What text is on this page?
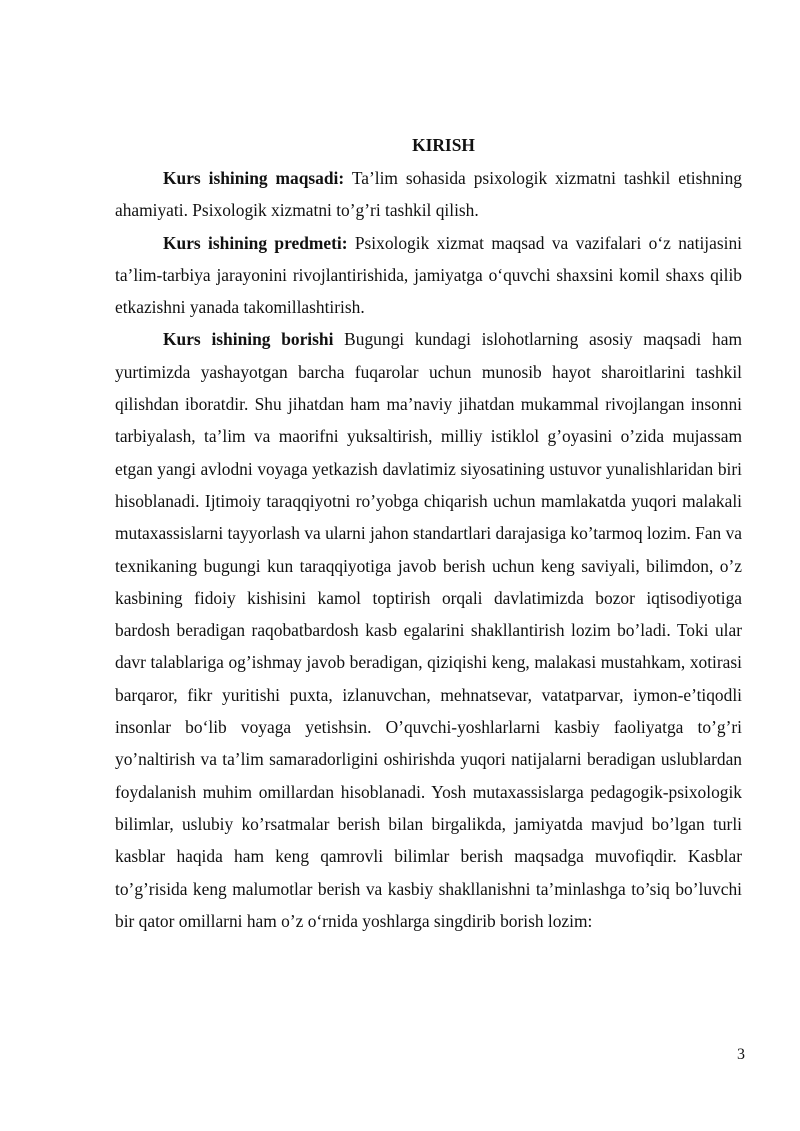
KIRISH

Kurs ishining maqsadi: Ta’lim sohasida psixologik xizmatni tashkil etishning ahamiyati. Psixologik xizmatni to’g’ri tashkil qilish.

Kurs ishining predmeti: Psixologik xizmat maqsad va vazifalari o‘z natijasini ta’lim-tarbiya jarayonini rivojlantirishida, jamiyatga o‘quvchi shaxsini komil shaxs qilib etkazishni yanada takomillashtirish.

Kurs ishining borishi Bugungi kundagi islohotlarning asosiy maqsadi ham yurtimizda yashayotgan barcha fuqarolar uchun munosib hayot sharoitlarini tashkil qilishdan iboratdir. Shu jihatdan ham ma’naviy jihatdan mukammal rivojlangan insonni tarbiyalash, ta’lim va maorifni yuksaltirish, milliy istiklol g’oyasini o’zida mujassam etgan yangi avlodni voyaga yetkazish davlatimiz siyosatining ustuvor yunalishlaridan biri hisoblanadi. Ijtimoiy taraqqiyotni ro’yobga chiqarish uchun mamlakatda yuqori malakali mutaxassislarni tayyorlash va ularni jahon standartlari darajasiga ko’tarmoq lozim. Fan va texnikaning bugungi kun taraqqiyotiga javob berish uchun keng saviyali, bilimdon, o’z kasbining fidoiy kishisini kamol toptirish orqali davlatimizda bozor iqtisodiyotiga bardosh beradigan raqobatbardosh kasb egalarini shakllantirish lozim bo’ladi. Toki ular davr talablariga og’ishmay javob beradigan, qiziqishi keng, malakasi mustahkam, xotirasi barqaror, fikr yuritishi puxta, izlanuvchan, mehnatsevar, vatatparvar, iymon-e’tiqodli insonlar bo‘lib voyaga yetishsin. O’quvchi-yoshlarlarni kasbiy faoliyatga to’g’ri yo’naltirish va ta’lim samaradorligini oshirishda yuqori natijalarni beradigan uslublardan foydalanish muhim omillardan hisoblanadi. Yosh mutaxassislarga pedagogik-psixologik bilimlar, uslubiy ko’rsatmalar berish bilan birgalikda, jamiyatda mavjud bo’lgan turli kasblar haqida ham keng qamrovli bilimlar berish maqsadga muvofiqdir. Kasblar to’g’risida keng malumotlar berish va kasbiy shakllanishni ta’minlashga to’siq bo’luvchi bir qator omillarni ham o’z o‘rnida yoshlarga singdirib borish lozim:

3
